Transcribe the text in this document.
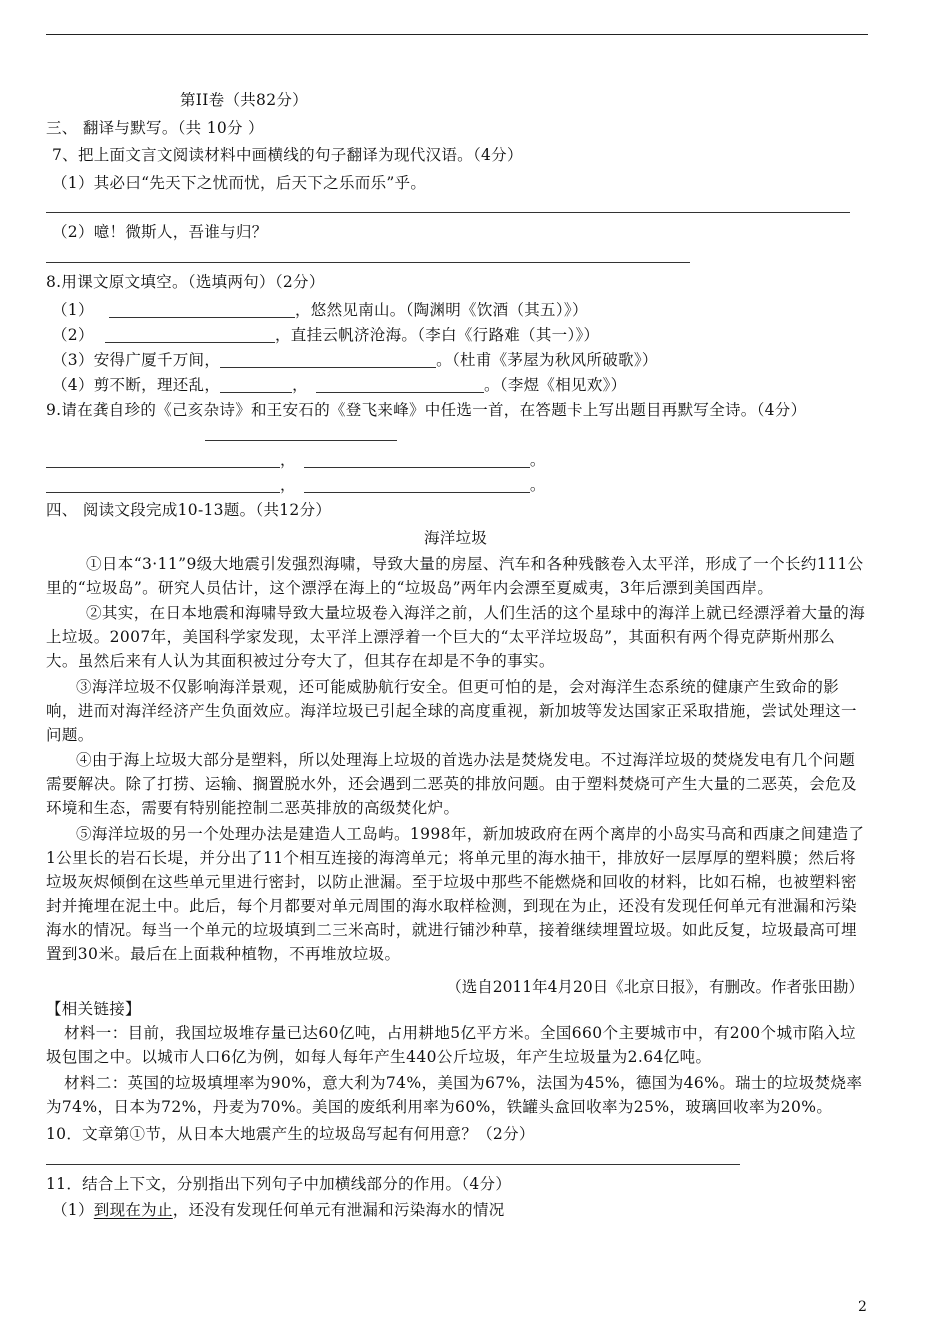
第II卷（共82分）
三、 翻译与默写。（共 10分 ）
7、把上面文言文阅读材料中画横线的句子翻译为现代汉语。（4分）
（1）其必曰“先天下之忧而忧，后天下之乐而乐”乎。
（2）噫！微斯人，吾谁与归？
8.用课文原文填空。（选填两句）（2分）
（1）	，悠然见南山。（陶渊明《饮酒（其五）》）
（2）	，直挂云帆济沧海。（李白《行路难（其一）》）
（3）安得广厦千万间，	。（杜甫《茅屋为秋风所破歌》）
（4）剪不断，理还乱，	，	。（李煜《相见欢》）
9.请在龚自珍的《己亥杂诗》和王安石的《登飞来峰》中任选一首，在答题卡上写出题目再默写全诗。（4分）
，	。
，	。
四、 阅读文段完成10-13题。（共12分）
海洋垃圾
①日本“3·11”9级大地震引发强烈海啸，导致大量的房屋、汽车和各种残骸卷入太平洋，形成了一个长约111公里的“垃圾岛”。研究人员估计，这个漂浮在海上的“垃圾岛”两年内会漂至夏威夷，3年后漂到美国西岸。
②其实，在日本地震和海啸导致大量垃圾卷入海洋之前，人们生活的这个星球中的海洋上就已经漂浮着大量的海上垃圾。2007年，美国科学家发现，太平洋上漂浮着一个巨大的“太平洋垃圾岛”，其面积有两个得克萨斯州那么大。虽然后来有人认为其面积被过分夸大了，但其存在却是不争的事实。
③海洋垃圾不仅影响海洋景观，还可能威胁航行安全。但更可怕的是，会对海洋生态系统的健康产生致命的影响，进而对海洋经济产生负面效应。海洋垃圾已引起全球的高度重视，新加坡等发达国家正采取措施，尝试处理这一问题。
④由于海上垃圾大部分是塑料，所以处理海上垃圾的首选办法是焚烧发电。不过海洋垃圾的焚烧发电有几个问题需要解决。除了打捞、运输、搁置脱水外，还会遇到二恶英的排放问题。由于塑料焚烧可产生大量的二恶英，会危及环境和生态，需要有特别能控制二恶英排放的高级焚化炉。
⑤海洋垃圾的另一个处理办法是建造人工岛屿。1998年，新加坡政府在两个离岸的小岛实马高和西康之间建造了1公里长的岩石长堤，并分出了11个相互连接的海湾单元；将单元里的海水抽干，排放好一层厚厚的塑料膜；然后将垃圾灰烬倾倒在这些单元里进行密封，以防止泄漏。至于垃圾中那些不能燃烧和回收的材料，比如石棉，也被塑料密封并掩埋在泥土中。此后，每个月都要对单元周围的海水取样检测，到现在为止，还没有发现任何单元有泄漏和污染海水的情况。每当一个单元的垃圾填到二三米高时，就进行铺沙种草，接着继续埋置垃圾。如此反复，垃圾最高可埋置到30米。最后在上面栽种植物，不再堆放垃圾。
（选自2011年4月20日《北京日报》，有删改。作者张田勘）
【相关链接】
材料一：目前，我国垃圾堆存量已达60亿吨，占用耕地5亿平方米。全国660个主要城市中，有200个城市陷入垃圾包围之中。以城市人口6亿为例，如每人每年产生440公斤垃圾，年产生垃圾量为2.64亿吨。
材料二：英国的垃圾填埋率为90%，意大利为74%，美国为67%，法国为45%，德国为46%。瑞士的垃圾焚烧率为74%，日本为72%，丹麦为70%。美国的废纸利用率为60%，铁罐头盒回收率为25%，玻璃回收率为20%。
10．文章第①节，从日本大地震产生的垃圾岛写起有何用意？（2分）
11．结合上下文，分别指出下列句子中加横线部分的作用。（4分）
（1）到现在为止，还没有发现任何单元有泄漏和污染海水的情况
2
